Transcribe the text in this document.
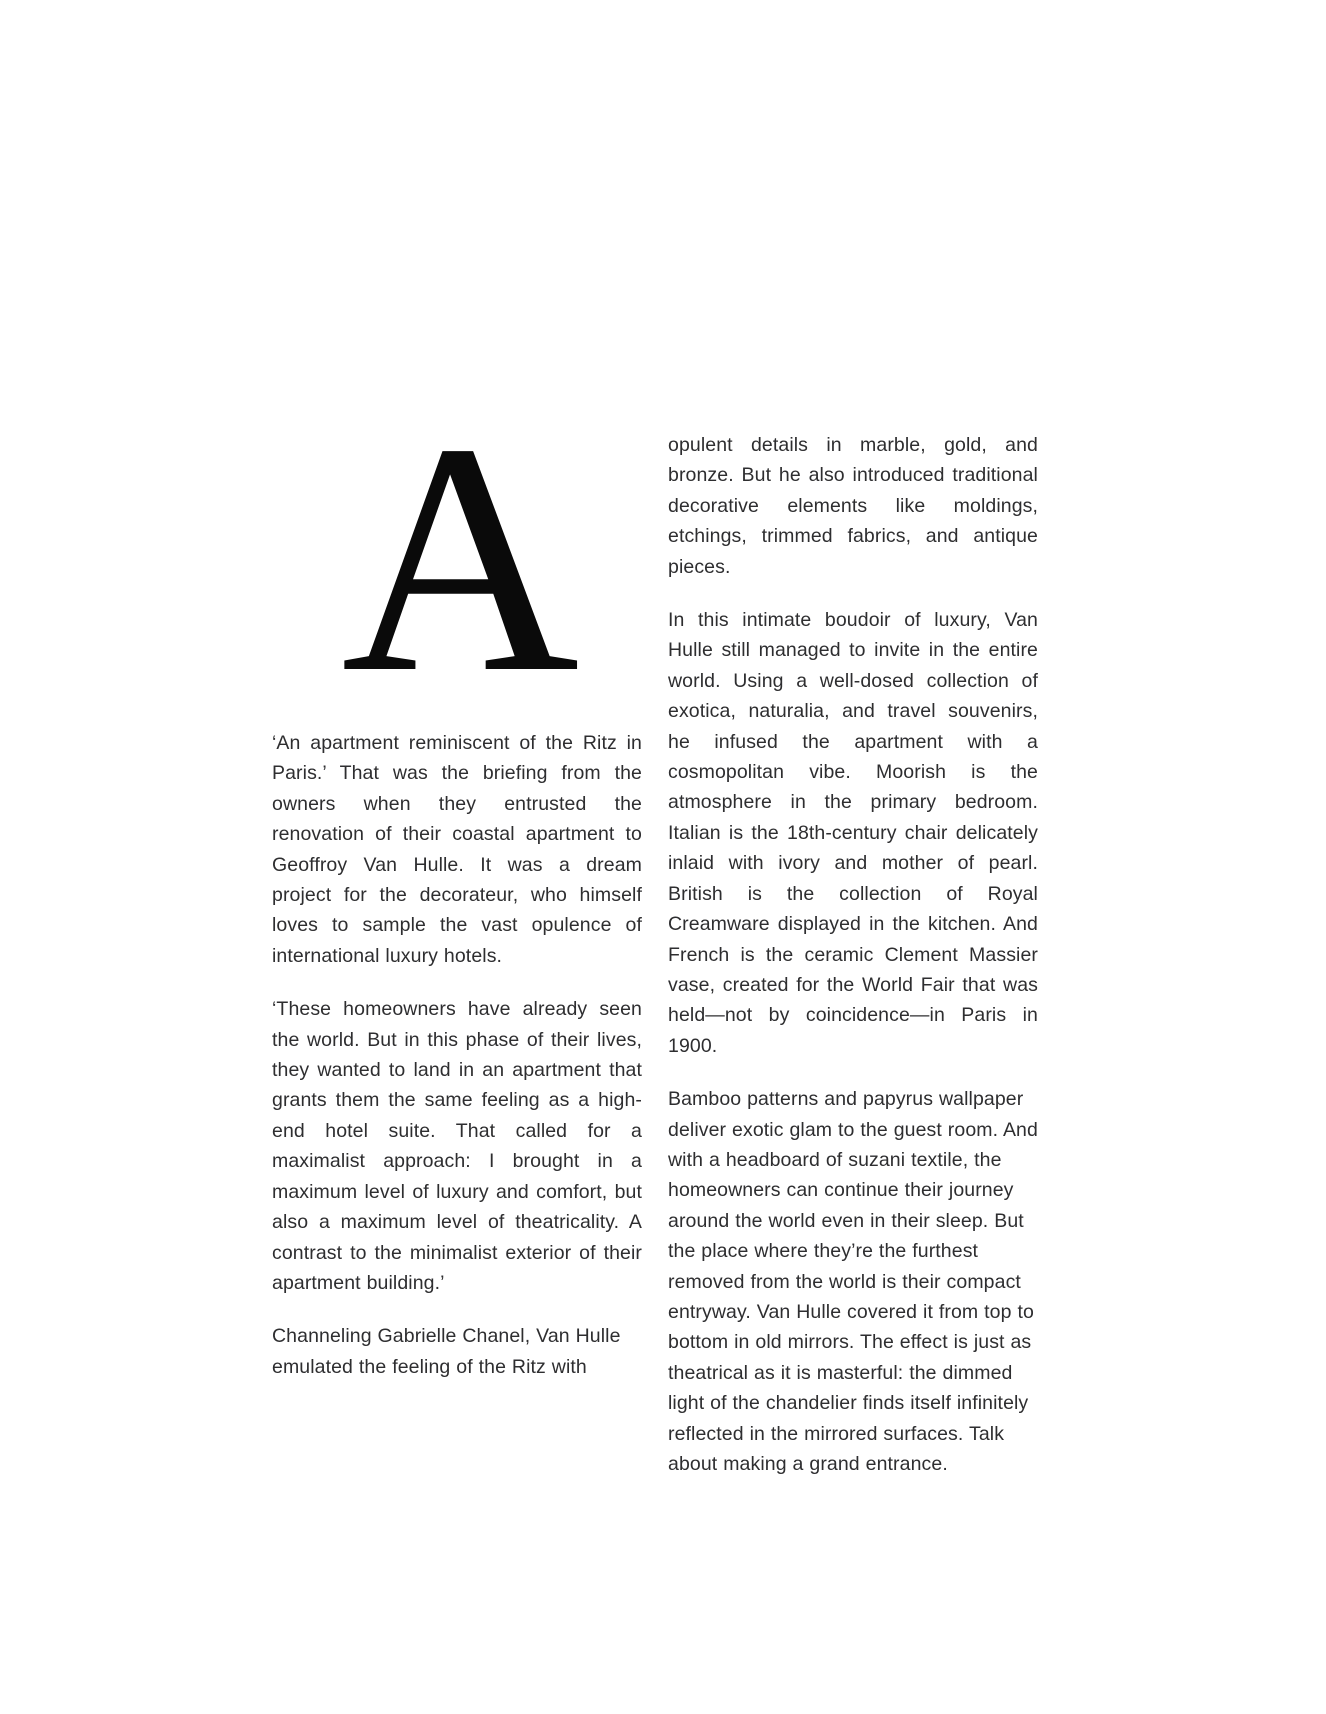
A

‘An apartment reminiscent of the Ritz in Paris.’ That was the briefing from the owners when they entrusted the renovation of their coastal apartment to Geoffroy Van Hulle. It was a dream project for the decorateur, who himself loves to sample the vast opulence of international luxury hotels.

‘These homeowners have already seen the world. But in this phase of their lives, they wanted to land in an apartment that grants them the same feeling as a high-end hotel suite. That called for a maximalist approach: I brought in a maximum level of luxury and comfort, but also a maximum level of theatricality. A contrast to the minimalist exterior of their apartment building.’

Channeling Gabrielle Chanel, Van Hulle emulated the feeling of the Ritz with

opulent details in marble, gold, and bronze. But he also introduced traditional decorative elements like moldings, etchings, trimmed fabrics, and antique pieces.

In this intimate boudoir of luxury, Van Hulle still managed to invite in the entire world. Using a well-dosed collection of exotica, naturalia, and travel souvenirs, he infused the apartment with a cosmopolitan vibe. Moorish is the atmosphere in the primary bedroom. Italian is the 18th-century chair delicately inlaid with ivory and mother of pearl. British is the collection of Royal Creamware displayed in the kitchen. And French is the ceramic Clement Massier vase, created for the World Fair that was held—not by coincidence—in Paris in 1900.

Bamboo patterns and papyrus wallpaper deliver exotic glam to the guest room. And with a headboard of suzani textile, the homeowners can continue their journey around the world even in their sleep. But the place where they’re the furthest removed from the world is their compact entryway. Van Hulle covered it from top to bottom in old mirrors. The effect is just as theatrical as it is masterful: the dimmed light of the chandelier finds itself infinitely reflected in the mirrored surfaces. Talk about making a grand entrance.
